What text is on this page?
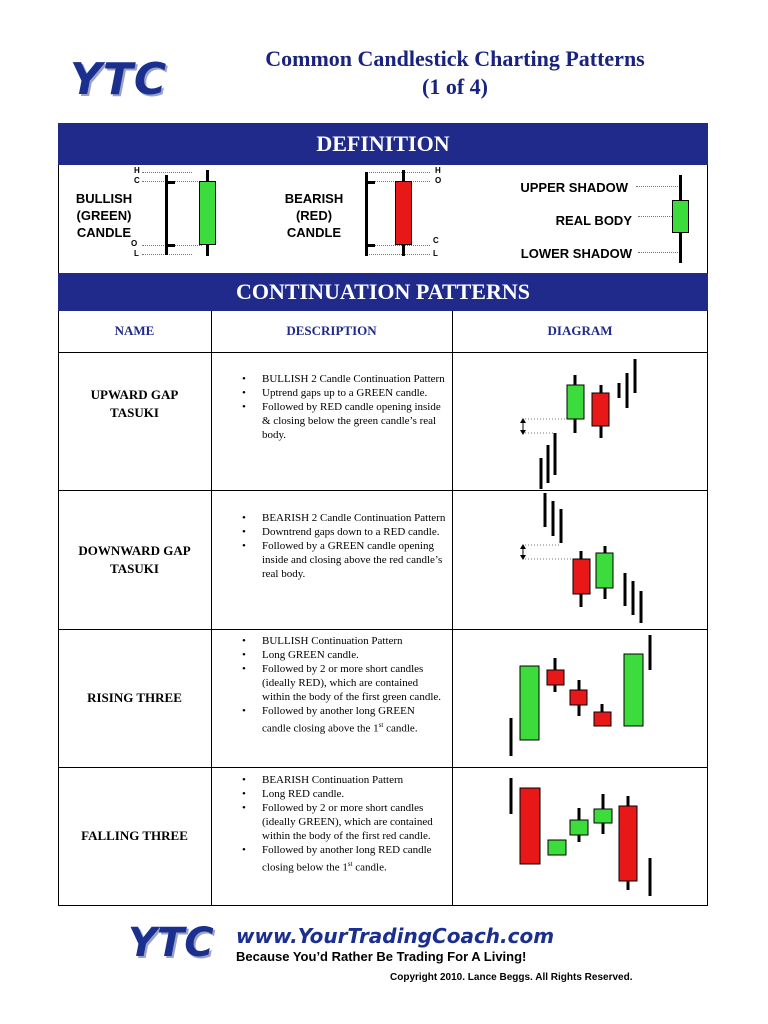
YTC	Common Candlestick Charting Patterns
(1 of 4)
DEFINITION
BULLISH
(GREEN)
CANDLE
H
C
O
L
BEARISH
(RED)
CANDLE
H
O
C
L
UPPER SHADOW
REAL BODY
LOWER SHADOW
CONTINUATION PATTERNS
NAME	DESCRIPTION	DIAGRAM
UPWARD GAP
TASUKI
• BULLISH 2 Candle Continuation Pattern
• Uptrend gaps up to a GREEN candle.
• Followed by RED candle opening inside & closing below the green candle’s real body.
DOWNWARD GAP
TASUKI
• BEARISH 2 Candle Continuation Pattern
• Downtrend gaps down to a RED candle.
• Followed by a GREEN candle opening inside and closing above the red candle’s real body.
RISING THREE
• BULLISH Continuation Pattern
• Long GREEN candle.
• Followed by 2 or more short candles (ideally RED), which are contained within the body of the first green candle.
• Followed by another long GREEN candle closing above the 1st candle.
FALLING THREE
• BEARISH Continuation Pattern
• Long RED candle.
• Followed by 2 or more short candles (ideally GREEN), which are contained within the body of the first red candle.
• Followed by another long RED candle closing below the 1st candle.
YTC www.YourTradingCoach.com
Because You’d Rather Be Trading For A Living!
Copyright 2010. Lance Beggs. All Rights Reserved.
